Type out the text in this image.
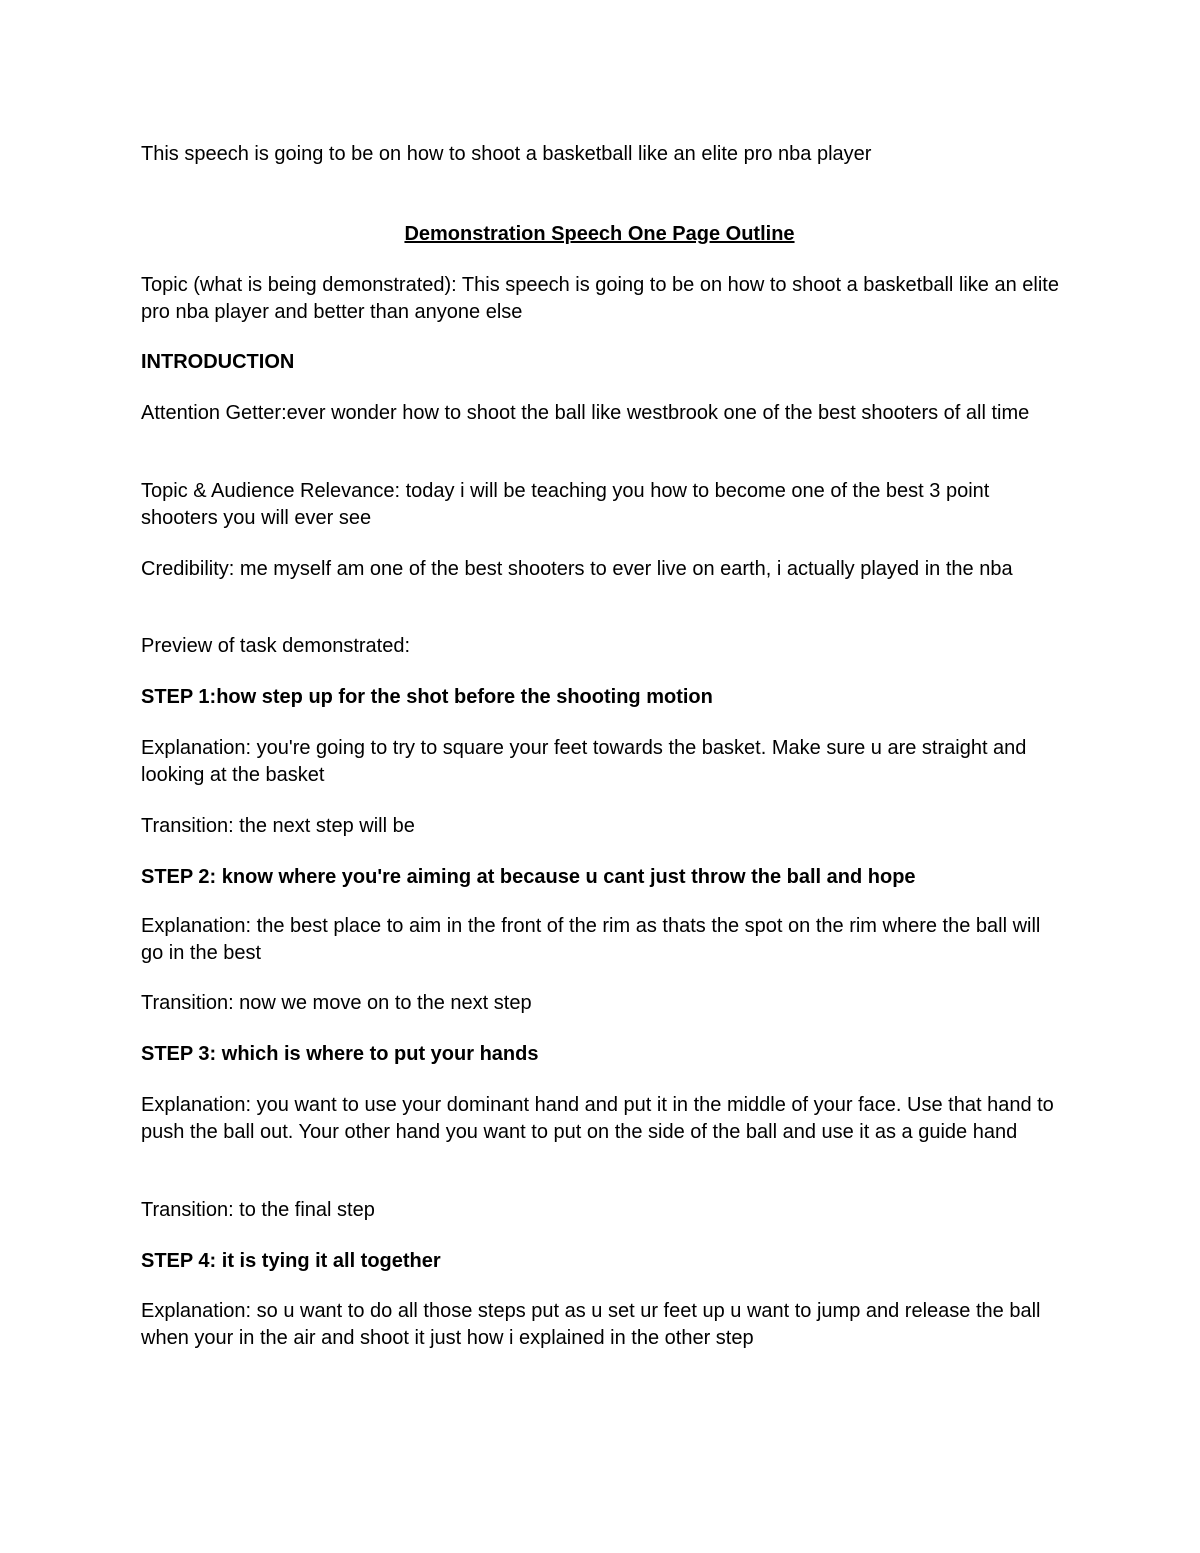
This speech is going to be on how to shoot a basketball like an elite pro nba player

Demonstration Speech One Page Outline

Topic (what is being demonstrated): This speech is going to be on how to shoot a basketball like an elite pro nba player and better than anyone else

INTRODUCTION

Attention Getter:ever wonder how to shoot the ball like westbrook one of the best shooters of all time

Topic & Audience Relevance: today i will be teaching you how to become one of the best 3 point shooters you will ever see

Credibility: me myself am one of the best shooters to ever live on earth, i actually played in the nba

Preview of task demonstrated:

STEP 1:how step up for the shot before the shooting motion

Explanation: you're going to try to square your feet towards the basket. Make sure u are straight and looking at the basket

Transition: the next step will be

STEP 2: know where you're aiming at because u cant just throw the ball and hope

Explanation: the best place to aim in the front of the rim as thats the spot on the rim where the ball will go in the best

Transition: now we move on to the next step

STEP 3: which is where to put your hands

Explanation: you want to use your dominant hand and put it in the middle of your face. Use that hand to push the ball out. Your other hand you want to put on the side of the ball and use it as a guide hand

Transition: to the final step

STEP 4: it is tying it all together

Explanation: so u want to do all those steps put as u set ur feet up u want to jump and release the ball when your in the air and shoot it just how i explained in the other step
